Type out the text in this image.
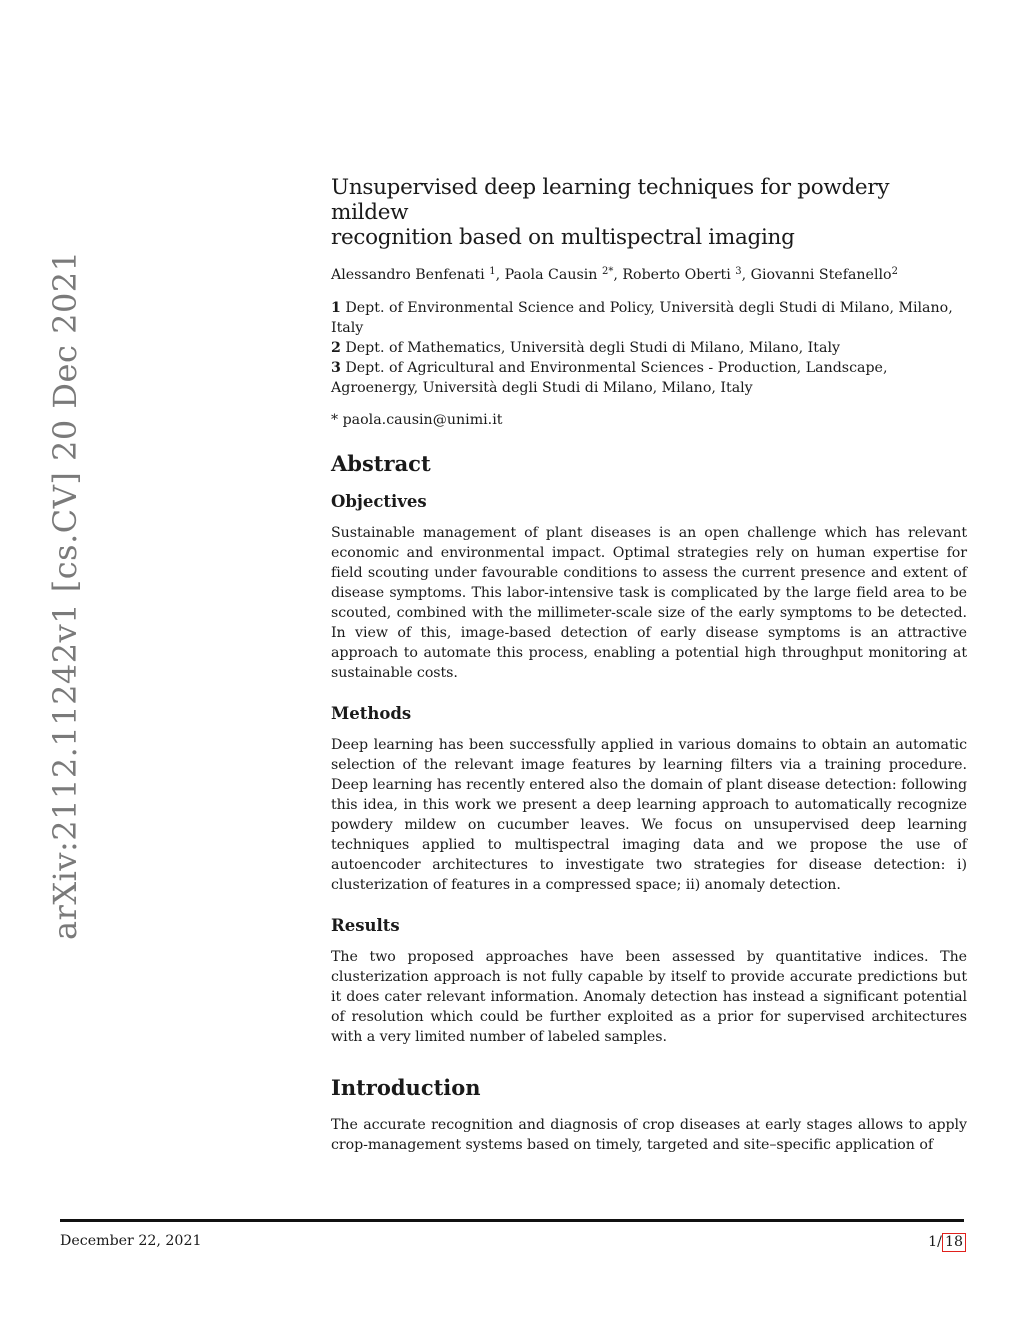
arXiv:2112.11242v1 [cs.CV] 20 Dec 2021
Unsupervised deep learning techniques for powdery mildew
recognition based on multispectral imaging
Alessandro Benfenati $^1$, Paola Causin $^{2*}$, Roberto Oberti $^3$, Giovanni Stefanello$^2$

1 Dept. of Environmental Science and Policy, Università degli Studi di Milano, Milano,
Italy

2 Dept. of Mathematics, Università degli Studi di Milano, Milano, Italy

3 Dept. of Agricultural and Environmental Sciences - Production, Landscape,
Agroenergy, Università degli Studi di Milano, Milano, Italy

* paola.causin@unimi.it

Abstract
Objectives

Sustainable management of plant diseases is an open challenge which has relevant economic and environmental impact. Optimal strategies rely on human expertise for field scouting under favourable conditions to assess the current presence and extent of disease symptoms. This labor-intensive task is complicated by the large field area to be scouted, combined with the millimeter-scale size of the early symptoms to be detected. In view of this, image-based detection of early disease symptoms is an attractive approach to automate this process, enabling a potential high throughput monitoring at sustainable costs.

Methods

Deep learning has been successfully applied in various domains to obtain an automatic selection of the relevant image features by learning filters via a training procedure. Deep learning has recently entered also the domain of plant disease detection: following this idea, in this work we present a deep learning approach to automatically recognize powdery mildew on cucumber leaves. We focus on unsupervised deep learning techniques applied to multispectral imaging data and we propose the use of autoencoder architectures to investigate two strategies for disease detection: i) clusterization of features in a compressed space; ii) anomaly detection.

Results

The two proposed approaches have been assessed by quantitative indices. The clusterization approach is not fully capable by itself to provide accurate predictions but it does cater relevant information. Anomaly detection has instead a significant potential of resolution which could be further exploited as a prior for supervised architectures with a very limited number of labeled samples.

Introduction

The accurate recognition and diagnosis of crop diseases at early stages allows to apply crop-management systems based on timely, targeted and site–specific application of

December 22, 2021	1/ 18
